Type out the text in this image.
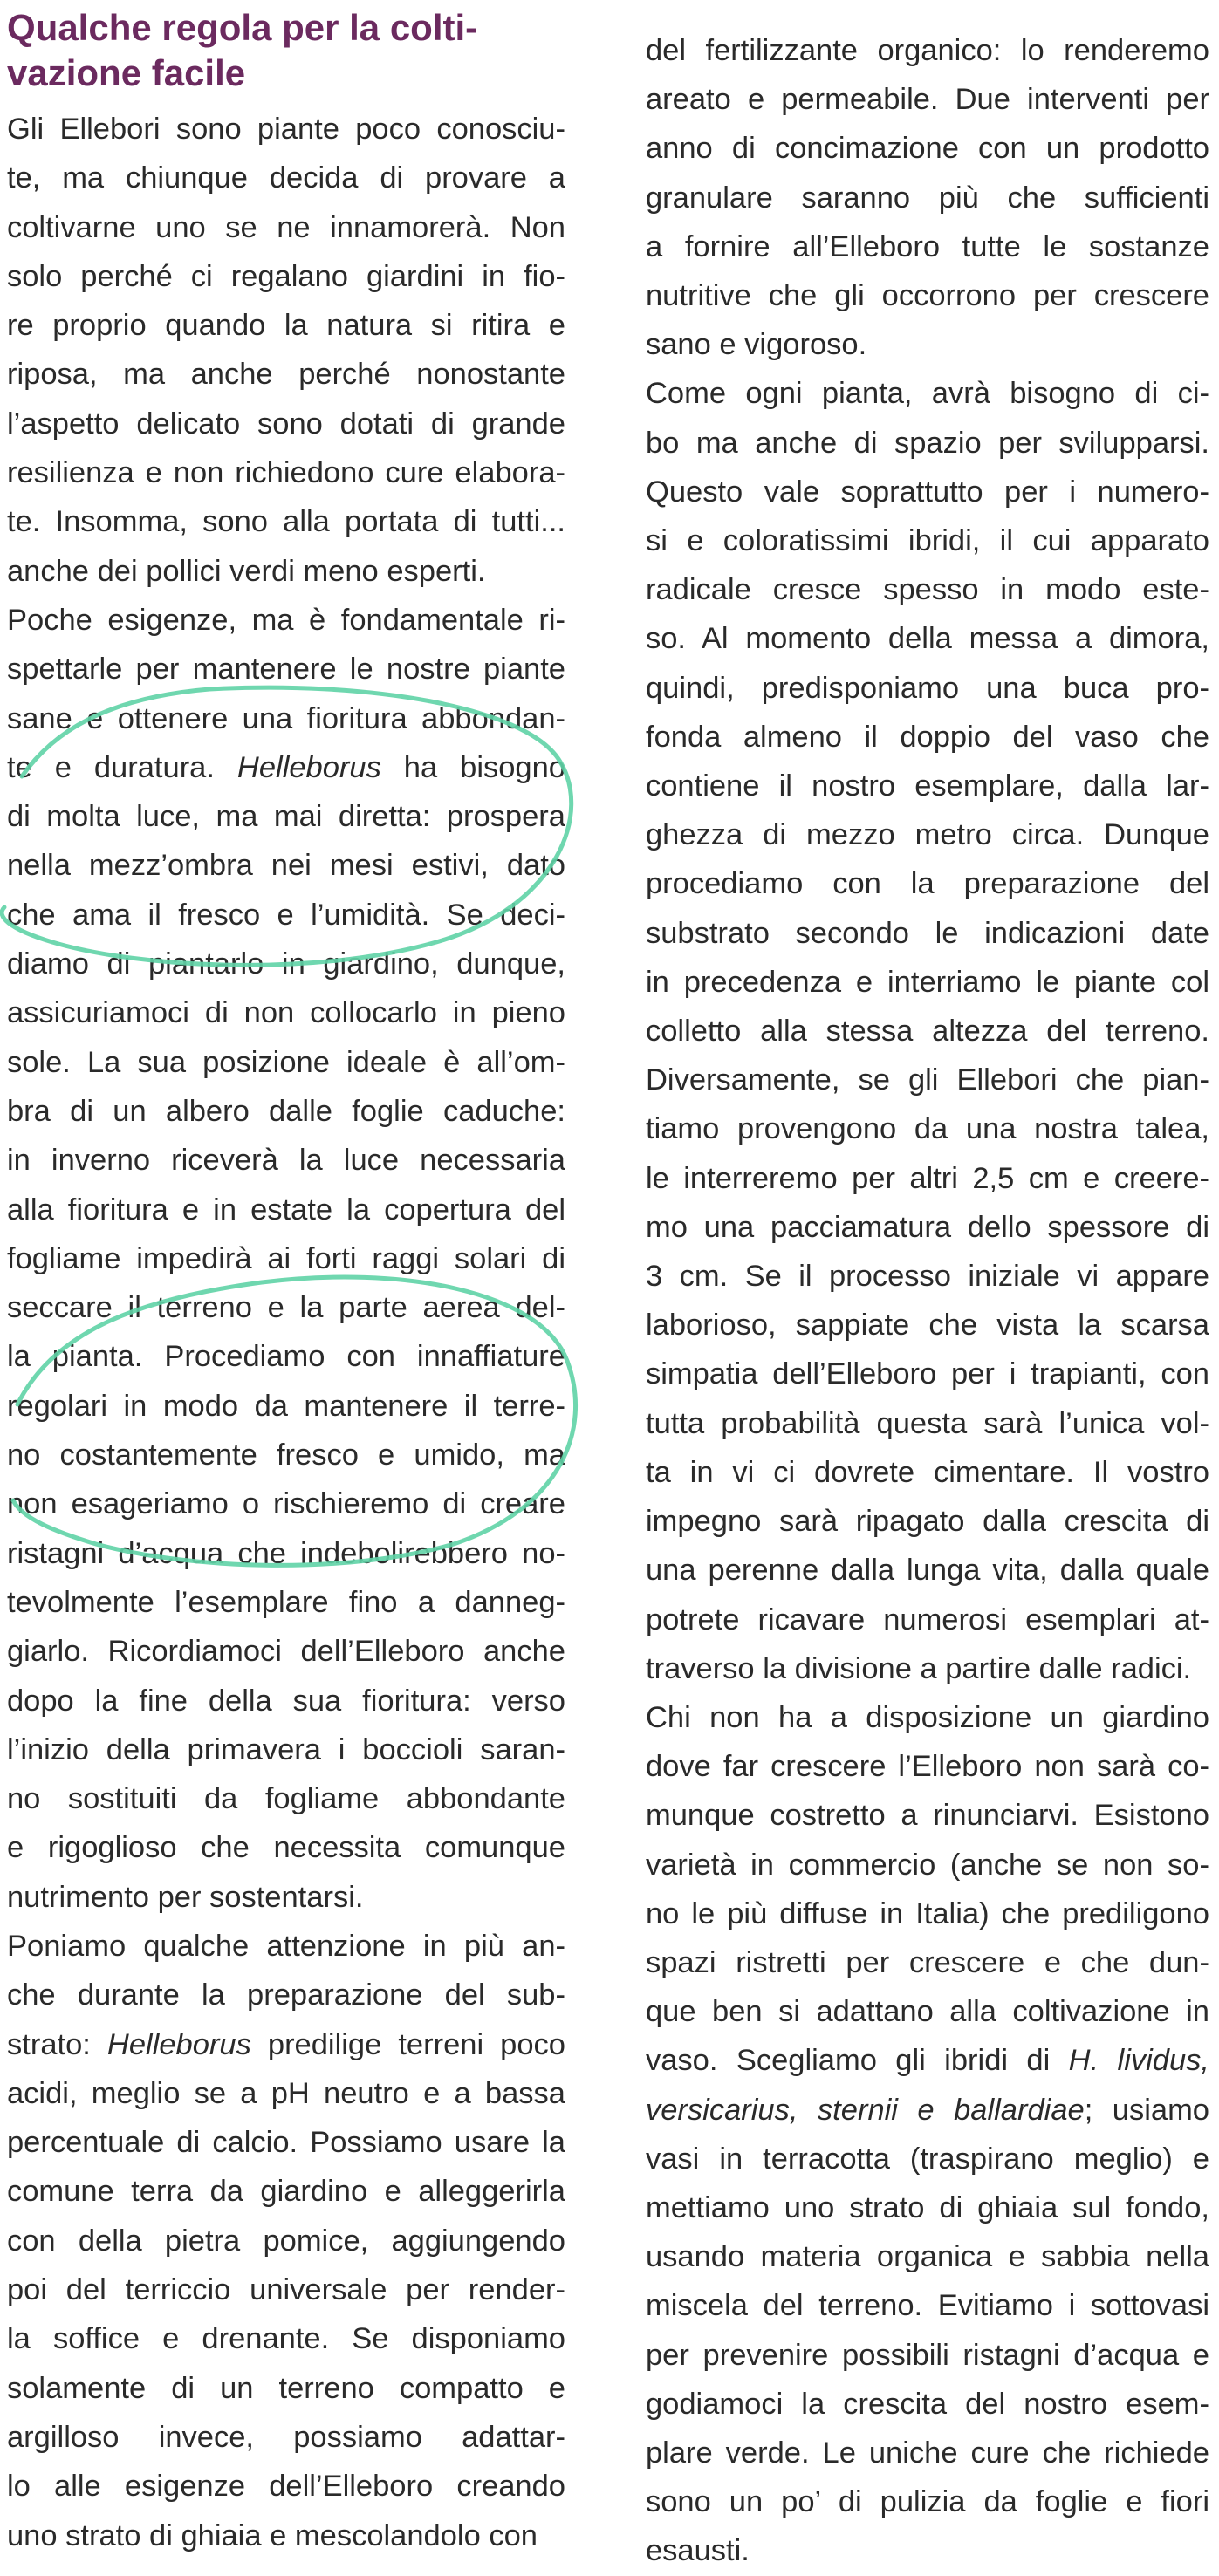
Qualche regola per la colti-
vazione facile
Gli Ellebori sono piante poco conosciu-
te, ma chiunque decida di provare a
coltivarne uno se ne innamorerà. Non
solo perché ci regalano giardini in fio-
re proprio quando la natura si ritira e
riposa, ma anche perché nonostante
l’aspetto delicato sono dotati di grande
resilienza e non richiedono cure elabora-
te. Insomma, sono alla portata di tutti...
anche dei pollici verdi meno esperti.
Poche esigenze, ma è fondamentale ri-
spettarle per mantenere le nostre piante
sane e ottenere una fioritura abbondan-
te e duratura. Helleborus ha bisogno
di molta luce, ma mai diretta: prospera
nella mezz’ombra nei mesi estivi, dato
che ama il fresco e l’umidità. Se deci-
diamo di piantarlo in giardino, dunque,
assicuriamoci di non collocarlo in pieno
sole. La sua posizione ideale è all’om-
bra di un albero dalle foglie caduche:
in inverno riceverà la luce necessaria
alla fioritura e in estate la copertura del
fogliame impedirà ai forti raggi solari di
seccare il terreno e la parte aerea del-
la pianta. Procediamo con innaffiature
regolari in modo da mantenere il terre-
no costantemente fresco e umido, ma
non esageriamo o rischieremo di creare
ristagni d’acqua che indebolirebbero no-
tevolmente l’esemplare fino a danneg-
giarlo. Ricordiamoci dell’Elleboro anche
dopo la fine della sua fioritura: verso
l’inizio della primavera i boccioli saran-
no sostituiti da fogliame abbondante
e rigoglioso che necessita comunque
nutrimento per sostentarsi.
Poniamo qualche attenzione in più an-
che durante la preparazione del sub-
strato: Helleborus predilige terreni poco
acidi, meglio se a pH neutro e a bassa
percentuale di calcio. Possiamo usare la
comune terra da giardino e alleggerirla
con della pietra pomice, aggiungendo
poi del terriccio universale per render-
la soffice e drenante. Se disponiamo
solamente di un terreno compatto e
argilloso invece, possiamo adattar-
lo alle esigenze dell’Elleboro creando
uno strato di ghiaia e mescolandolo con
del fertilizzante organico: lo renderemo
areato e permeabile. Due interventi per
anno di concimazione con un prodotto
granulare saranno più che sufficienti
a fornire all’Elleboro tutte le sostanze
nutritive che gli occorrono per crescere
sano e vigoroso.
Come ogni pianta, avrà bisogno di ci-
bo ma anche di spazio per svilupparsi.
Questo vale soprattutto per i numero-
si e coloratissimi ibridi, il cui apparato
radicale cresce spesso in modo este-
so. Al momento della messa a dimora,
quindi, predisponiamo una buca pro-
fonda almeno il doppio del vaso che
contiene il nostro esemplare, dalla lar-
ghezza di mezzo metro circa. Dunque
procediamo con la preparazione del
substrato secondo le indicazioni date
in precedenza e interriamo le piante col
colletto alla stessa altezza del terreno.
Diversamente, se gli Ellebori che pian-
tiamo provengono da una nostra talea,
le interreremo per altri 2,5 cm e creere-
mo una pacciamatura dello spessore di
3 cm. Se il processo iniziale vi appare
laborioso, sappiate che vista la scarsa
simpatia dell’Elleboro per i trapianti, con
tutta probabilità questa sarà l’unica vol-
ta in vi ci dovrete cimentare. Il vostro
impegno sarà ripagato dalla crescita di
una perenne dalla lunga vita, dalla quale
potrete ricavare numerosi esemplari at-
traverso la divisione a partire dalle radici.
Chi non ha a disposizione un giardino
dove far crescere l’Elleboro non sarà co-
munque costretto a rinunciarvi. Esistono
varietà in commercio (anche se non so-
no le più diffuse in Italia) che prediligono
spazi ristretti per crescere e che dun-
que ben si adattano alla coltivazione in
vaso. Scegliamo gli ibridi di H. lividus,
versicarius, sternii e ballardiae; usiamo
vasi in terracotta (traspirano meglio) e
mettiamo uno strato di ghiaia sul fondo,
usando materia organica e sabbia nella
miscela del terreno. Evitiamo i sottovasi
per prevenire possibili ristagni d’acqua e
godiamoci la crescita del nostro esem-
plare verde. Le uniche cure che richiede
sono un po’ di pulizia da foglie e fiori
esausti.
